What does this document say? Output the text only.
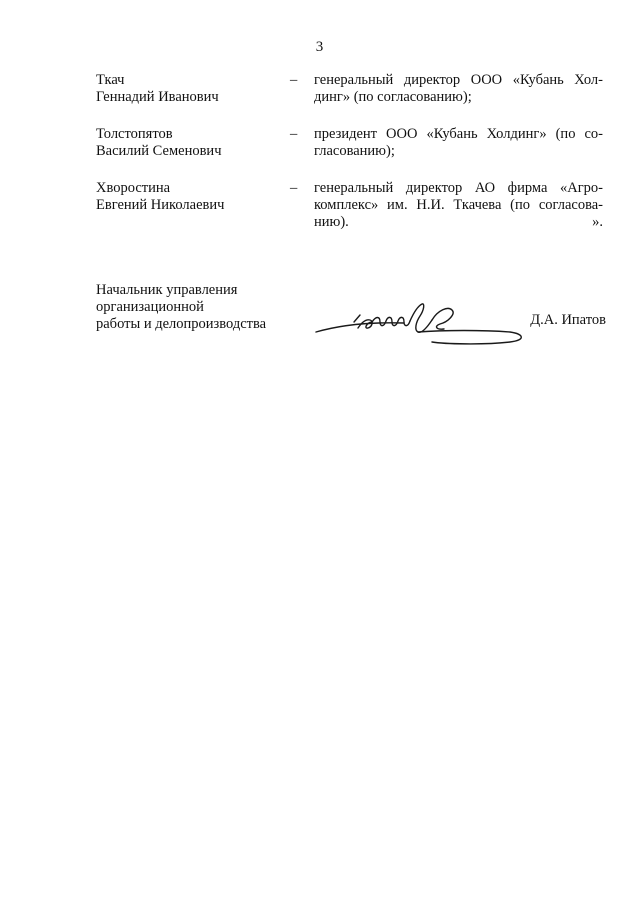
3
Ткач
Геннадий Иванович
– генеральный директор ООО «Кубань Хол-
динг» (по согласованию);
Толстопятов
Василий Семенович
– президент ООО «Кубань Холдинг» (по со-
гласованию);
Хворостина
Евгений Николаевич
– генеральный директор АО фирма «Агро-
комплекс» им. Н.И. Ткачева (по согласова-
нию).	».
Начальник управления
организационной
работы и делопроизводства	Д.А. Ипатов
